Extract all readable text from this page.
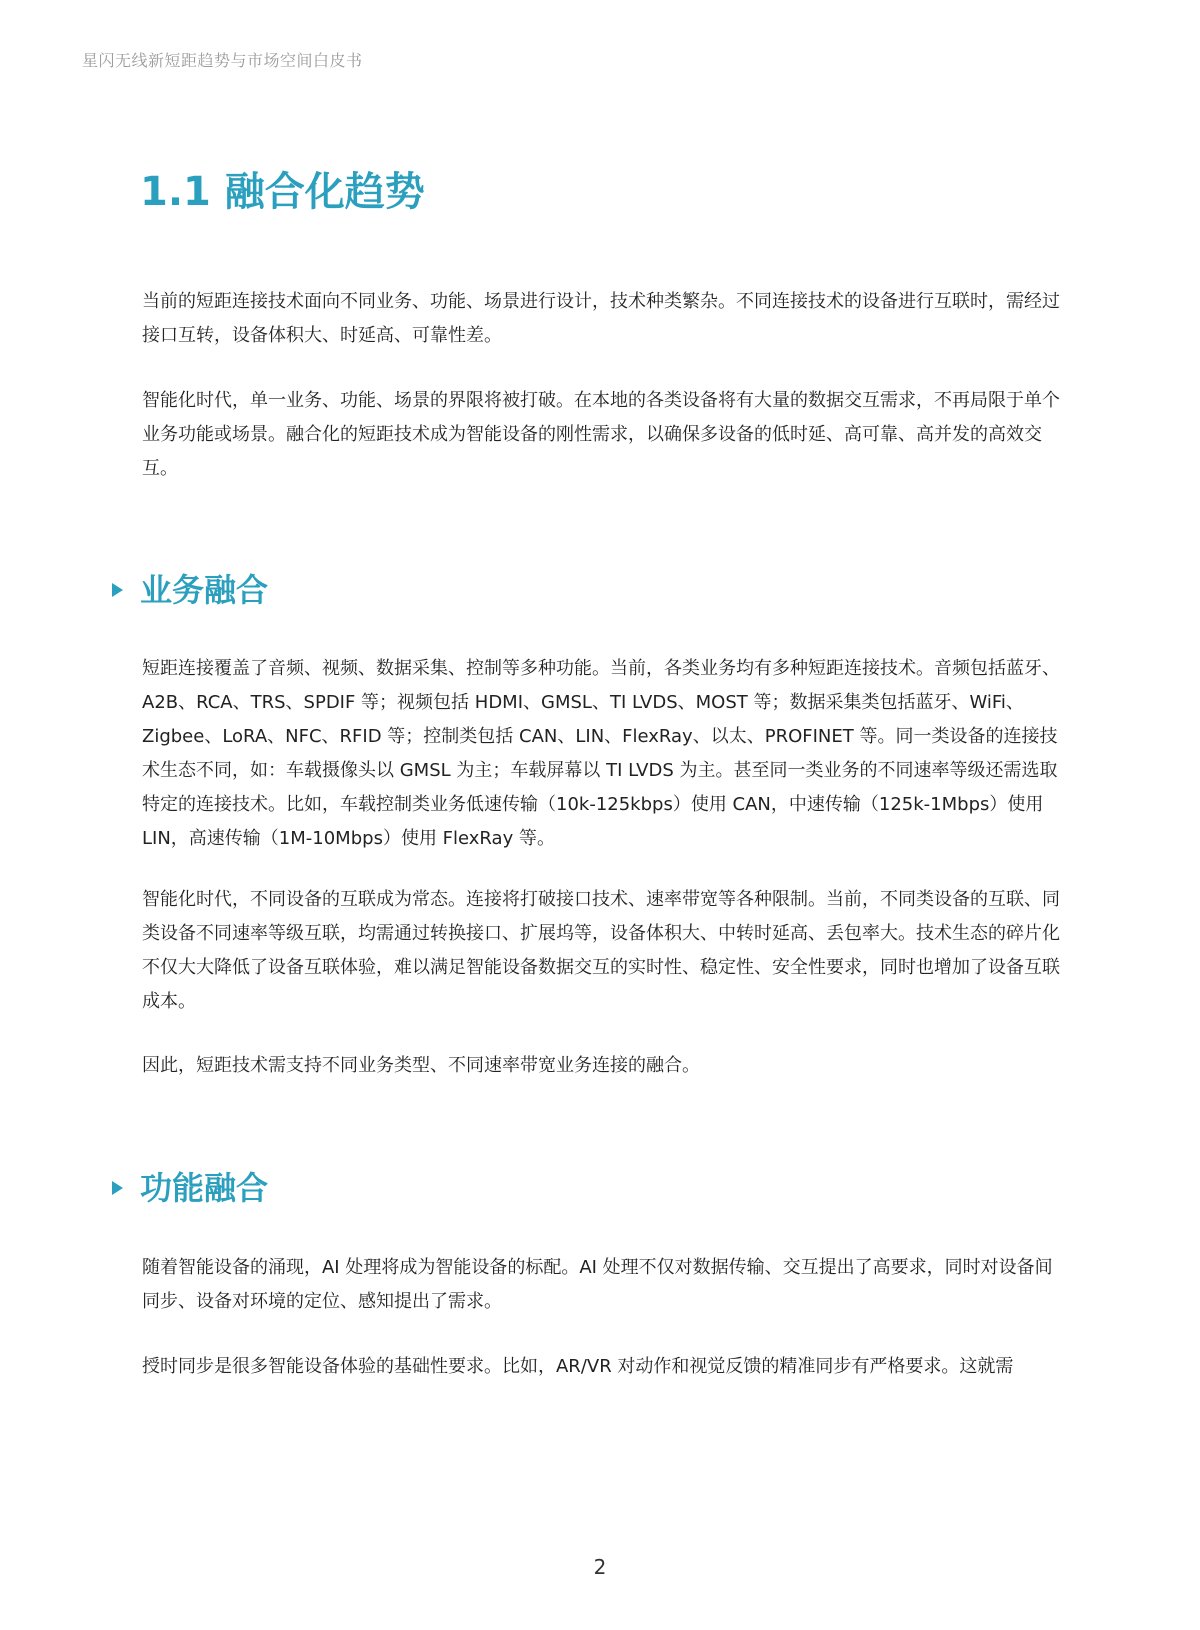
星闪无线新短距趋势与市场空间白皮书
1.1 融合化趋势

当前的短距连接技术面向不同业务、功能、场景进行设计，技术种类繁杂。不同连接技术的设备进行互联时，需经过接口互转，设备体积大、时延高、可靠性差。

智能化时代，单一业务、功能、场景的界限将被打破。在本地的各类设备将有大量的数据交互需求，不再局限于单个业务功能或场景。融合化的短距技术成为智能设备的刚性需求，以确保多设备的低时延、高可靠、高并发的高效交互。

业务融合

短距连接覆盖了音频、视频、数据采集、控制等多种功能。当前，各类业务均有多种短距连接技术。音频包括蓝牙、A2B、RCA、TRS、SPDIF 等；视频包括 HDMI、GMSL、TI LVDS、MOST 等；数据采集类包括蓝牙、WiFi、Zigbee、LoRA、NFC、RFID 等；控制类包括 CAN、LIN、FlexRay、以太、PROFINET 等。同一类设备的连接技术生态不同，如：车载摄像头以 GMSL 为主；车载屏幕以 TI LVDS 为主。甚至同一类业务的不同速率等级还需选取特定的连接技术。比如，车载控制类业务低速传输（10k-125kbps）使用 CAN，中速传输（125k-1Mbps）使用 LIN，高速传输（1M-10Mbps）使用 FlexRay 等。

智能化时代，不同设备的互联成为常态。连接将打破接口技术、速率带宽等各种限制。当前，不同类设备的互联、同类设备不同速率等级互联，均需通过转换接口、扩展坞等，设备体积大、中转时延高、丢包率大。技术生态的碎片化不仅大大降低了设备互联体验，难以满足智能设备数据交互的实时性、稳定性、安全性要求，同时也增加了设备互联成本。

因此，短距技术需支持不同业务类型、不同速率带宽业务连接的融合。

功能融合

随着智能设备的涌现，AI 处理将成为智能设备的标配。AI 处理不仅对数据传输、交互提出了高要求，同时对设备间同步、设备对环境的定位、感知提出了需求。

授时同步是很多智能设备体验的基础性要求。比如，AR/VR 对动作和视觉反馈的精准同步有严格要求。这就需

2
